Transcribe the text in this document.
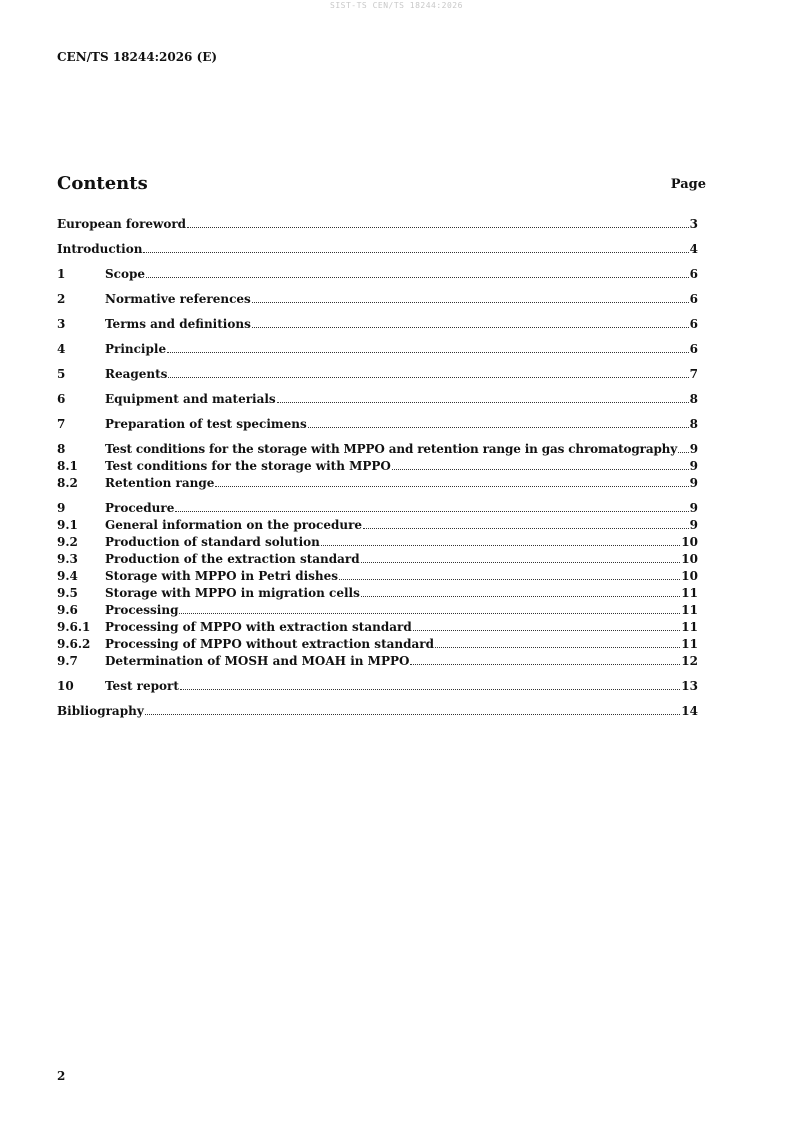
SIST-TS CEN/TS 18244:2026
CEN/TS 18244:2026 (E)
Contents	Page
European foreword	3
Introduction	4
1	Scope	6
2	Normative references	6
3	Terms and definitions	6
4	Principle	6
5	Reagents	7
6	Equipment and materials	8
7	Preparation of test specimens	8
8	Test conditions for the storage with MPPO and retention range in gas chromatography 9
8.1	Test conditions for the storage with MPPO	9
8.2	Retention range	9
9	Procedure	9
9.1	General information on the procedure	9
9.2	Production of standard solution	10
9.3	Production of the extraction standard	10
9.4	Storage with MPPO in Petri dishes	10
9.5	Storage with MPPO in migration cells	11
9.6	Processing	11
9.6.1	Processing of MPPO with extraction standard	11
9.6.2	Processing of MPPO without extraction standard	11
9.7	Determination of MOSH and MOAH in MPPO	12
10	Test report	13
Bibliography	14
2
